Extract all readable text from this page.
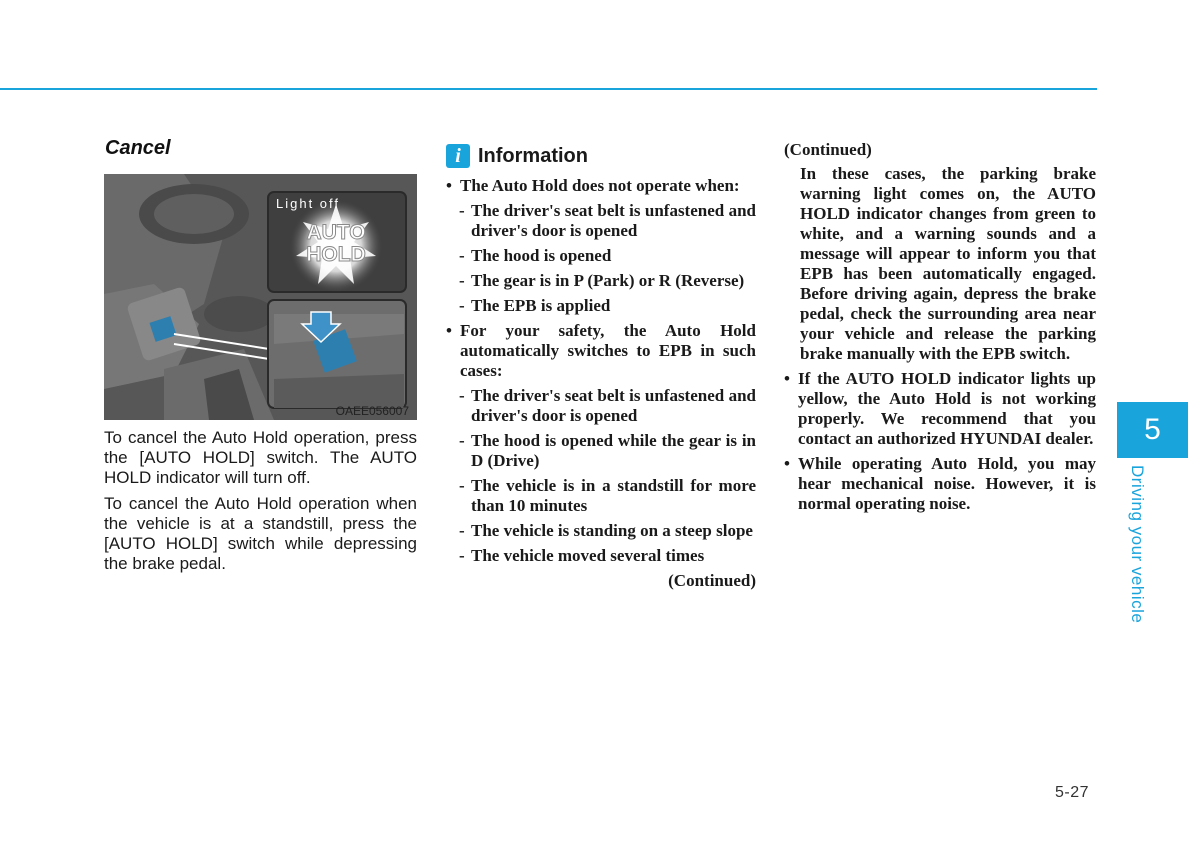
Cancel
Light off
AUTO
HOLD
OAEE056007
To cancel the Auto Hold operation, press the [AUTO HOLD] switch. The AUTO HOLD indicator will turn off.
To cancel the Auto Hold operation when the vehicle is at a standstill, press the [AUTO HOLD] switch while depressing the brake pedal.
i Information
• The Auto Hold does not operate when:
- The driver's seat belt is unfastened and driver's door is opened
- The hood is opened
- The gear is in P (Park) or R (Reverse)
- The EPB is applied
• For your safety, the Auto Hold automatically switches to EPB in such cases:
- The driver's seat belt is unfastened and driver's door is opened
- The hood is opened while the gear is in D (Drive)
- The vehicle is in a standstill for more than 10 minutes
- The vehicle is standing on a steep slope
- The vehicle moved several times
(Continued)
(Continued)
In these cases, the parking brake warning light comes on, the AUTO HOLD indicator changes from green to white, and a warning sounds and a message will appear to inform you that EPB has been automatically engaged. Before driving again, depress the brake pedal, check the surrounding area near your vehicle and release the parking brake manually with the EPB switch.
• If the AUTO HOLD indicator lights up yellow, the Auto Hold is not working properly. We recommend that you contact an authorized HYUNDAI dealer.
• While operating Auto Hold, you may hear mechanical noise. However, it is normal operating noise.
5
Driving your vehicle
5-27
